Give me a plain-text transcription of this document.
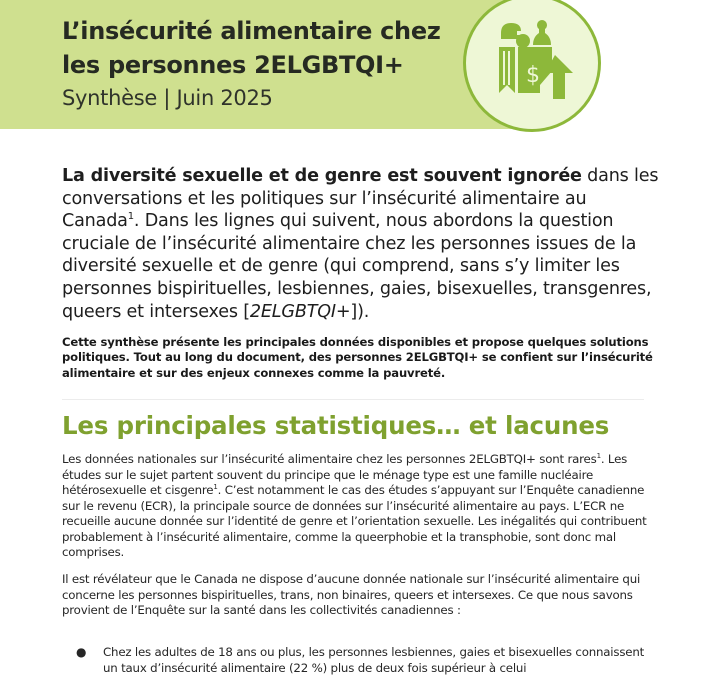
L’insécurité alimentaire chez les personnes 2ELGBTQI+

Synthèse | Juin 2025

$

La diversité sexuelle et de genre est souvent ignorée dans les conversations et les politiques sur l’insécurité alimentaire au Canada$^1$. Dans les lignes qui suivent, nous abordons la question cruciale de l’insécurité alimentaire chez les personnes issues de la diversité sexuelle et de genre (qui comprend, sans s’y limiter les personnes bispirituelles, lesbiennes, gaies, bisexuelles, transgenres, queers et intersexes [2ELGBTQI+]).

Cette synthèse présente les principales données disponibles et propose quelques solutions politiques. Tout au long du document, des personnes 2ELGBTQI+ se confient sur l’insécurité alimentaire et sur des enjeux connexes comme la pauvreté.

Les principales statistiques… et lacunes

Les données nationales sur l’insécurité alimentaire chez les personnes 2ELGBTQI+ sont rares$^1$. Les études sur le sujet partent souvent du principe que le ménage type est une famille nucléaire hétérosexuelle et cisgenre$^1$. C’est notamment le cas des études s’appuyant sur l’Enquête canadienne sur le revenu (ECR), la principale source de données sur l’insécurité alimentaire au pays. L’ECR ne recueille aucune donnée sur l’identité de genre et l’orientation sexuelle. Les inégalités qui contribuent probablement à l’insécurité alimentaire, comme la queerphobie et la transphobie, sont donc mal comprises.

Il est révélateur que le Canada ne dispose d’aucune donnée nationale sur l’insécurité alimentaire qui concerne les personnes bispirituelles, trans, non binaires, queers et intersexes. Ce que nous savons provient de l’Enquête sur la santé dans les collectivités canadiennes :

● Chez les adultes de 18 ans ou plus, les personnes lesbiennes, gaies et bisexuelles connaissent un taux d’insécurité alimentaire (22 %) plus de deux fois supérieur à celui
